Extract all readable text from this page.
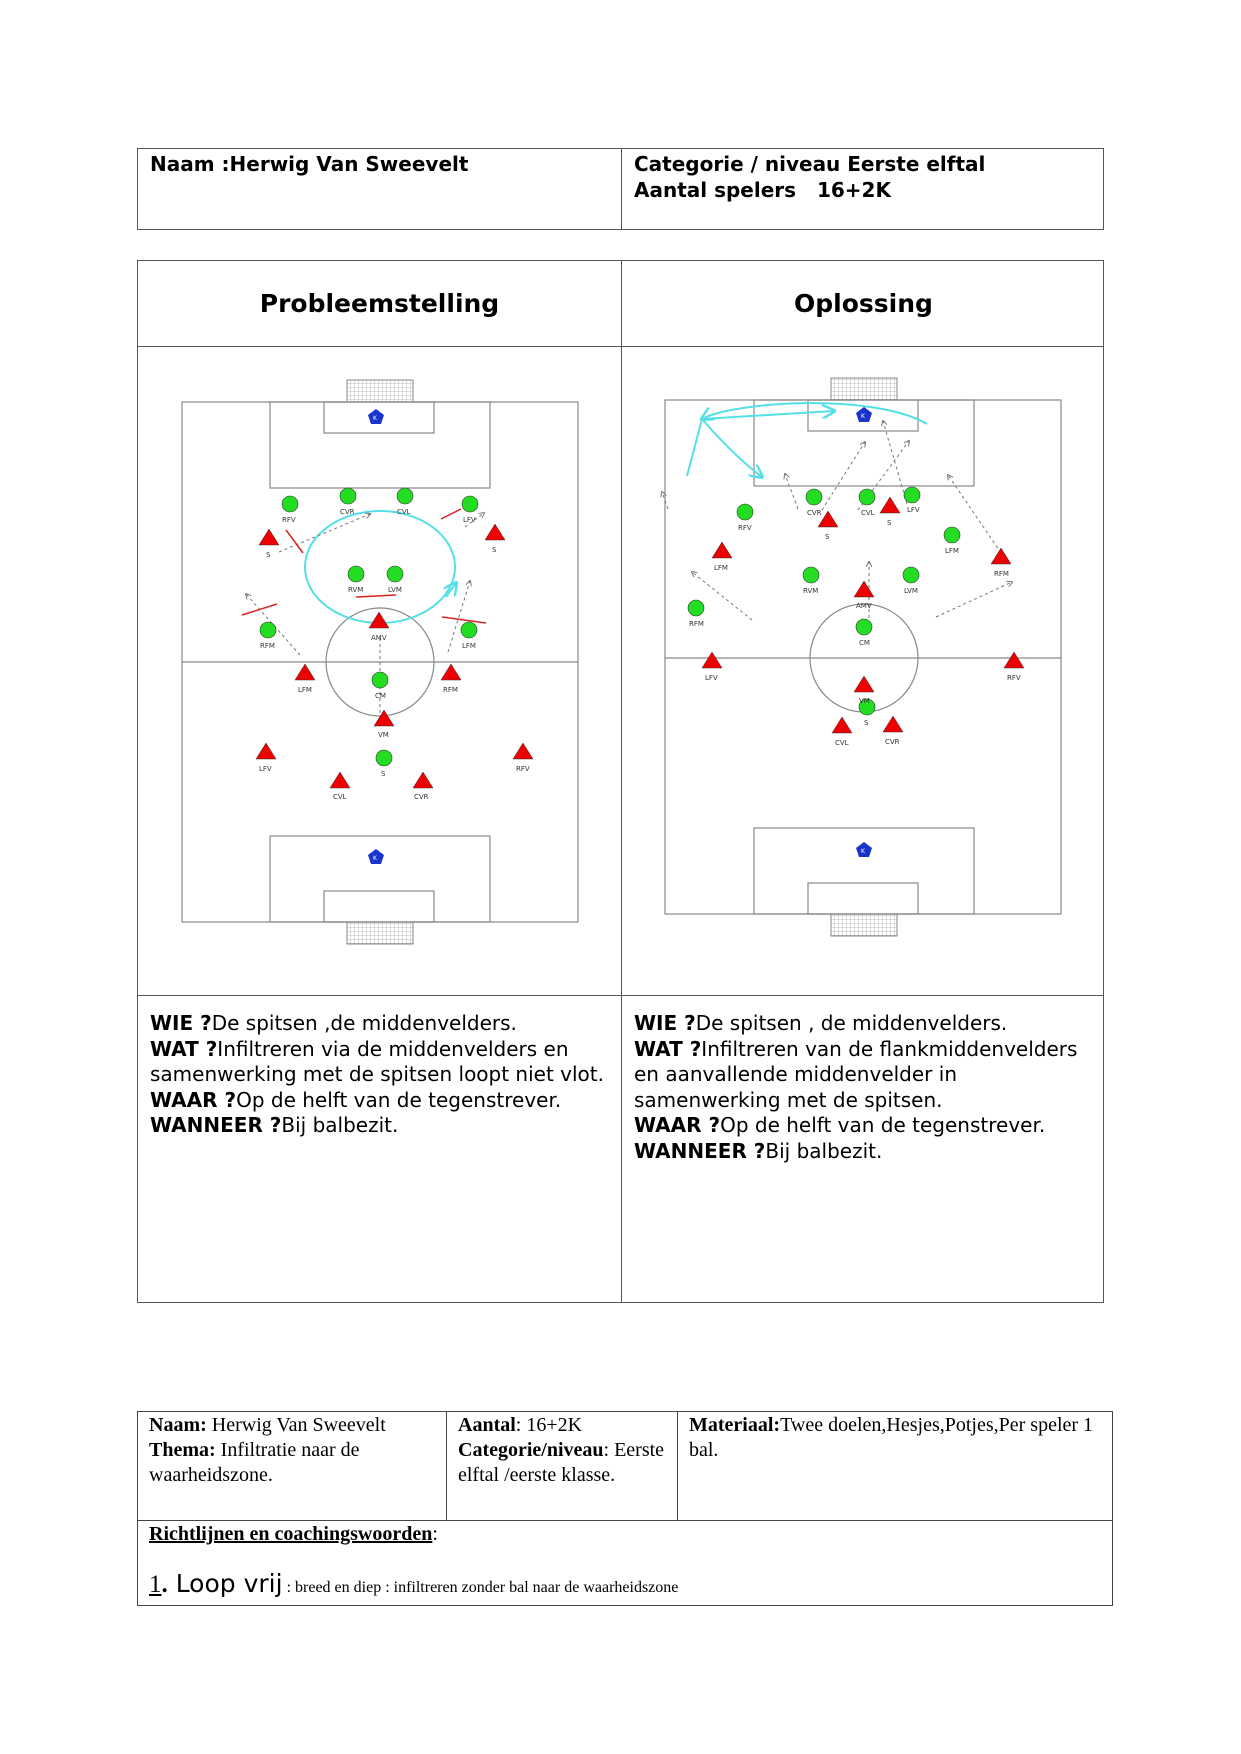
Naam :Herwig Van Sweevelt	Categorie / niveau Eerste elftal
Aantal spelers   16+2K
Probleemstelling	Oplossing
K
K
RFV
CVR	CVL
LFV
RVM	LVM
RFM	LFM
CM
S
S
S
AMV
LFM	RFM
VM
LFV	RFV
CVL	CVR
K
K
RFV
CVR	CVL	LFV
LFM
RVM	LVM
RFM
CM
S
S
S
LFM
RFM
AMV
LFV	RFV
VM
CVL	CVR

WIE ?De spitsen ,de middenvelders.

WAT ?Infiltreren via de middenvelders en samenwerking met de spitsen loopt niet vlot.

WAAR ?Op de helft van de tegenstrever.

WANNEER ?Bij balbezit.

WIE ?De spitsen , de middenvelders.

WAT ?Infiltreren van de flankmiddenvelders en aanvallende middenvelder in samenwerking met de spitsen.

WAAR ?Op de helft van de tegenstrever.

WANNEER ?Bij balbezit.

Naam: Herwig Van Sweevelt

Thema: Infiltratie naar de waarheidszone.

Aantal: 16+2K

Categorie/niveau: Eerste elftal /eerste klasse.

Materiaal:Twee doelen,Hesjes,Potjes,Per speler 1 bal.

Richtlijnen en coachingswoorden:
1. Loop vrij : breed en diep : infiltreren zonder bal naar de waarheidszone
